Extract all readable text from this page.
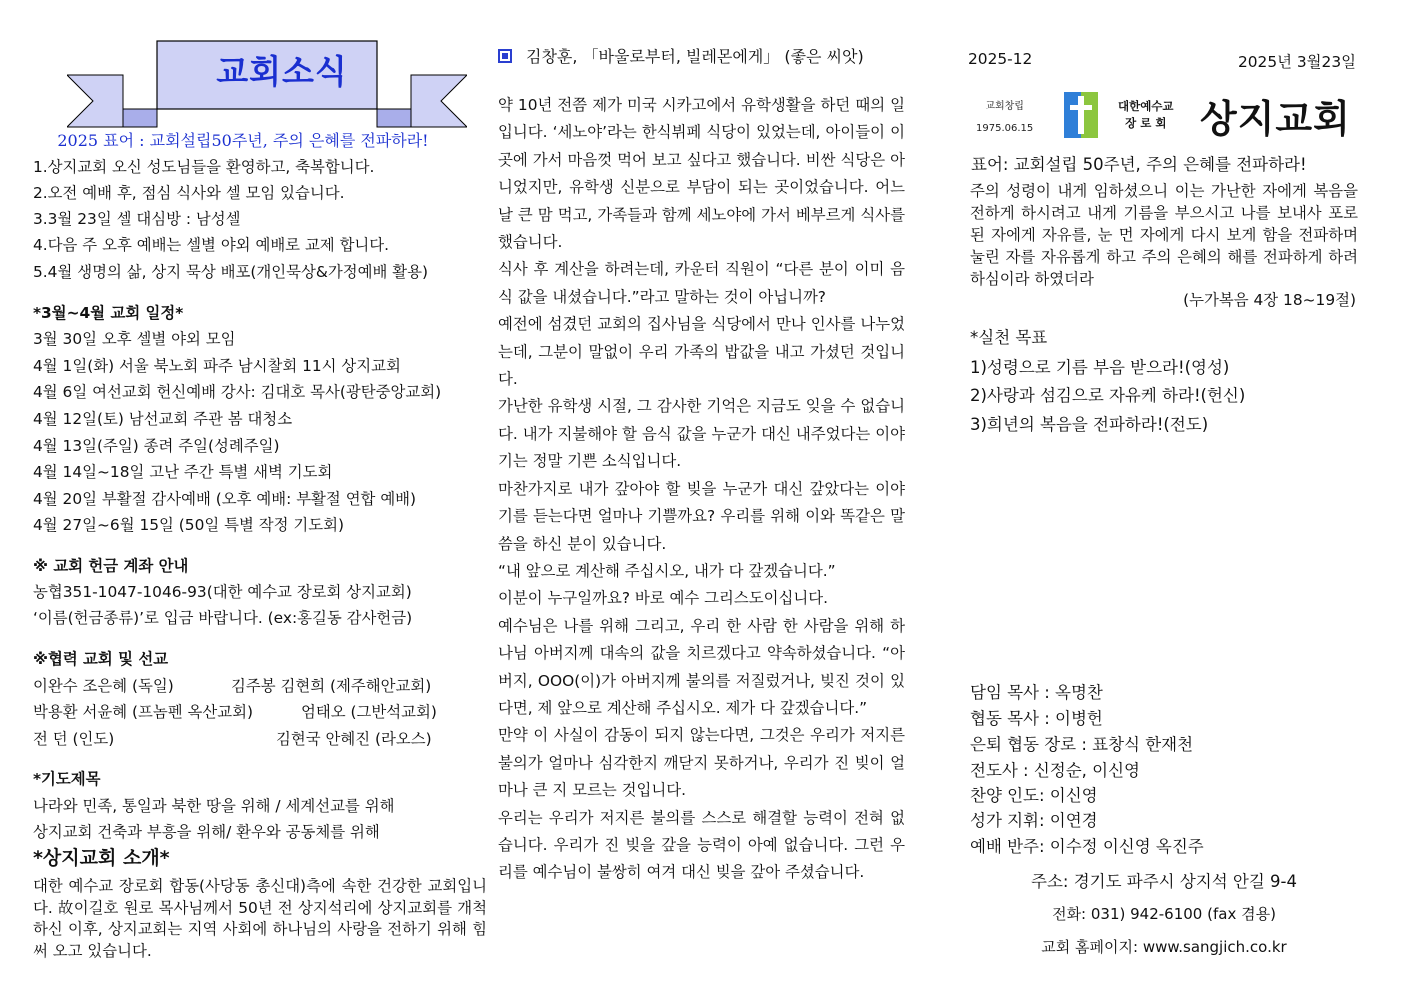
교회소식
2025 표어 : 교회설립50주년, 주의 은혜를 전파하라!
1.상지교회 오신 성도님들을 환영하고, 축복합니다.
2.오전 예배 후, 점심 식사와 셀 모임 있습니다.
3.3월 23일 셀 대심방 : 남성셀
4.다음 주 오후 예배는 셀별 야외 예배로 교제 합니다.
5.4월 생명의 삶, 상지 묵상 배포(개인묵상&가정예배 활용)
*3월~4월 교회 일정*
3월 30일 오후 셀별 야외 모임
4월 1일(화) 서울 북노회 파주 남시찰회 11시 상지교회
4월 6일 여선교회 헌신예배 강사: 김대호 목사(광탄중앙교회)
4월 12일(토) 남선교회 주관 봄 대청소
4월 13일(주일) 종려 주일(성례주일)
4월 14일~18일 고난 주간 특별 새벽 기도회
4월 20일 부활절 감사예배 (오후 예배: 부활절 연합 예배)
4월 27일~6월 15일 (50일 특별 작정 기도회)
※ 교회 헌금 계좌 안내
농협351-1047-1046-93(대한 예수교 장로회 상지교회)
‘이름(헌금종류)’로 입금 바랍니다. (ex:홍길동 감사헌금)
※협력 교회 및 선교
이완수 조은혜 (독일)	김주봉 김현희 (제주해안교회)
박용환 서윤혜 (프놈펜 옥산교회)	엄태오 (그반석교회)
전 던 (인도)	김현국 안혜진 (라오스)
*기도제목
나라와 민족, 통일과 북한 땅을 위해 / 세계선교를 위해
상지교회 건축과 부흥을 위해/ 환우와 공동체를 위해
*상지교회 소개*
대한 예수교 장로회 합동(사당동 총신대)측에 속한 건강한 교회입니다. 故이길호 원로 목사님께서 50년 전 상지석리에 상지교회를 개척하신 이후, 상지교회는 지역 사회에 하나님의 사랑을 전하기 위해 힘써 오고 있습니다.
김창훈, 「바울로부터, 빌레몬에게」 (좋은 씨앗)

약 10년 전쯤 제가 미국 시카고에서 유학생활을 하던 때의 일입니다. ‘세노야’라는 한식뷔페 식당이 있었는데, 아이들이 이곳에 가서 마음껏 먹어 보고 싶다고 했습니다. 비싼 식당은 아니었지만, 유학생 신분으로 부담이 되는 곳이었습니다. 어느 날 큰 맘 먹고, 가족들과 함께 세노야에 가서 베부르게 식사를 했습니다.

식사 후 계산을 하려는데, 카운터 직원이 “다른 분이 이미 음식 값을 내셨습니다.”라고 말하는 것이 아닙니까?

예전에 섬겼던 교회의 집사님을 식당에서 만나 인사를 나누었는데, 그분이 말없이 우리 가족의 밥값을 내고 가셨던 것입니다.

가난한 유학생 시절, 그 감사한 기억은 지금도 잊을 수 없습니다. 내가 지불해야 할 음식 값을 누군가 대신 내주었다는 이야기는 정말 기쁜 소식입니다.

마찬가지로 내가 갚아야 할 빚을 누군가 대신 갚았다는 이야기를 듣는다면 얼마나 기쁠까요? 우리를 위해 이와 똑같은 말씀을 하신 분이 있습니다.

“내 앞으로 계산해 주십시오, 내가 다 갚겠습니다.”

이분이 누구일까요? 바로 예수 그리스도이십니다.

예수님은 나를 위해 그리고, 우리 한 사람 한 사람을 위해 하나님 아버지께 대속의 값을 치르겠다고 약속하셨습니다. “아버지, OOO(이)가 아버지께 불의를 저질렀거나, 빚진 것이 있다면, 제 앞으로 계산해 주십시오. 제가 다 갚겠습니다.”

만약 이 사실이 감동이 되지 않는다면, 그것은 우리가 저지른 불의가 얼마나 심각한지 깨닫지 못하거나, 우리가 진 빚이 얼마나 큰 지 모르는 것입니다.

우리는 우리가 저지른 불의를 스스로 해결할 능력이 전혀 없습니다. 우리가 진 빚을 갚을 능력이 아예 없습니다. 그런 우리를 예수님이 불쌍히 여겨 대신 빚을 갚아 주셨습니다.

2025-12	2025년 3월23일
교회창립
1975.06.15
대한예수교
장 로 회 상지교회
표어: 교회설립 50주년, 주의 은혜를 전파하라!
주의 성령이 내게 임하셨으니 이는 가난한 자에게 복음을 전하게 하시려고 내게 기름을 부으시고 나를 보내사 포로 된 자에게 자유를, 눈 먼 자에게 다시 보게 함을 전파하며 눌린 자를 자유롭게 하고 주의 은혜의 해를 전파하게 하려 하심이라 하였더라
(누가복음 4장 18~19절)
*실천 목표
1)성령으로 기름 부음 받으라!(영성)
2)사랑과 섬김으로 자유케 하라!(헌신)
3)희년의 복음을 전파하라!(전도)
담임 목사 : 옥명찬
협동 목사 : 이병헌
은퇴 협동 장로 : 표창식 한재천
전도사 : 신정순, 이신영
찬양 인도: 이신영
성가 지휘: 이연경
예배 반주: 이수정 이신영 옥진주
주소: 경기도 파주시 상지석 안길 9-4
전화: 031) 942-6100 (fax 겸용)
교회 홈페이지: www.sangjich.co.kr
